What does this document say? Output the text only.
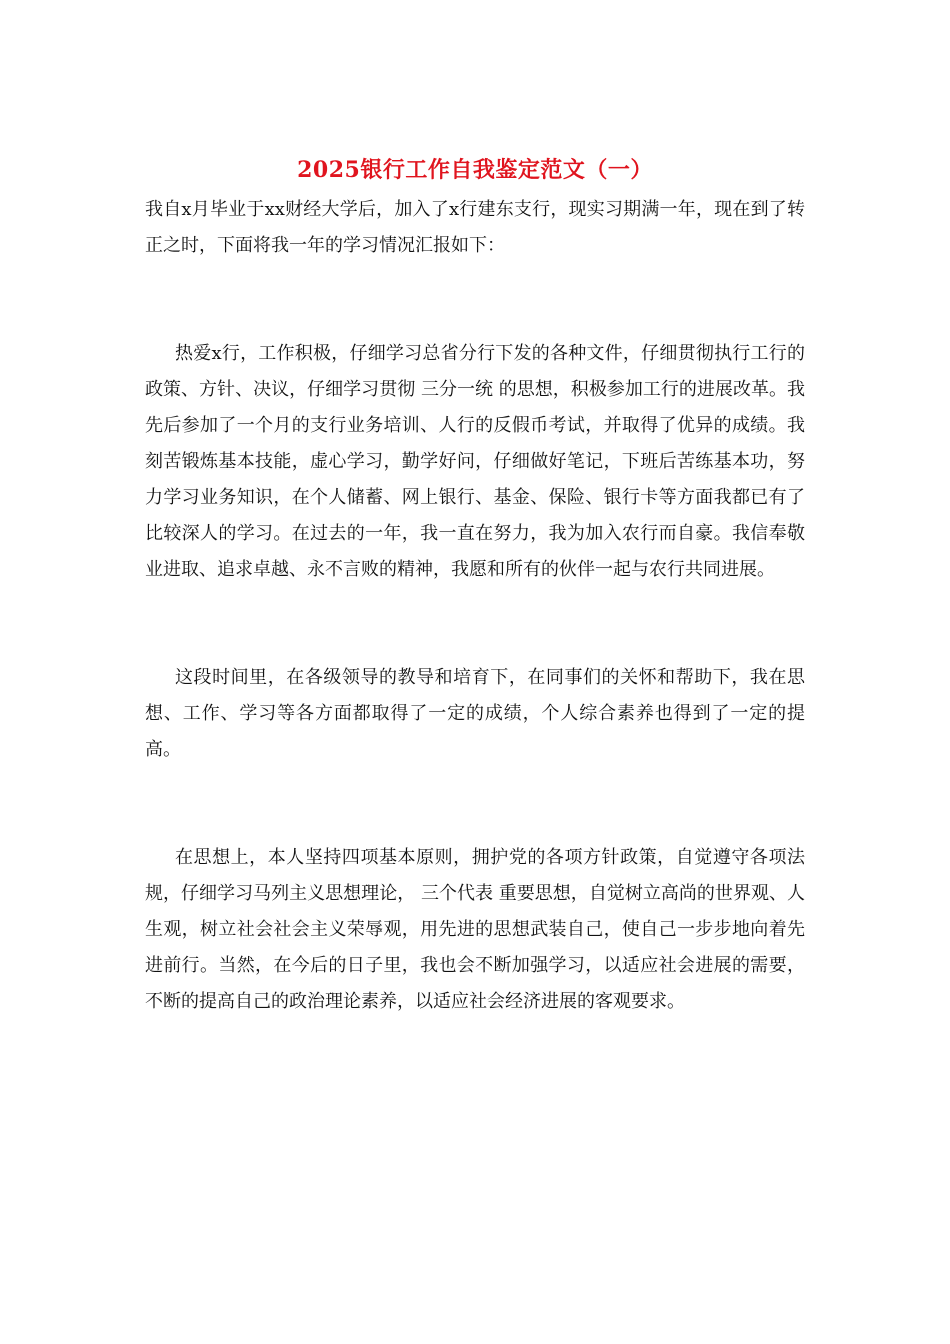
2025银行工作自我鉴定范文（一）

我自x月毕业于xx财经大学后，加入了x行建东支行，现实习期满一年，现在到了转正之时，下面将我一年的学习情况汇报如下：

热爱x行，工作积极，仔细学习总省分行下发的各种文件，仔细贯彻执行工行的政策、方针、决议，仔细学习贯彻 三分一统 的思想，积极参加工行的进展改革。我先后参加了一个月的支行业务培训、人行的反假币考试，并取得了优异的成绩。我刻苦锻炼基本技能，虚心学习，勤学好问，仔细做好笔记，下班后苦练基本功，努力学习业务知识，在个人储蓄、网上银行、基金、保险、银行卡等方面我都已有了比较深人的学习。在过去的一年，我一直在努力，我为加入农行而自豪。我信奉敬业进取、追求卓越、永不言败的精神，我愿和所有的伙伴一起与农行共同进展。

这段时间里，在各级领导的教导和培育下，在同事们的关怀和帮助下，我在思想、工作、学习等各方面都取得了一定的成绩，个人综合素养也得到了一定的提高。

在思想上，本人坚持四项基本原则，拥护党的各项方针政策，自觉遵守各项法规，仔细学习马列主义思想理论， 三个代表 重要思想，自觉树立高尚的世界观、人生观，树立社会社会主义荣辱观，用先进的思想武装自己，使自己一步步地向着先进前行。当然，在今后的日子里，我也会不断加强学习，以适应社会进展的需要，不断的提高自己的政治理论素养，以适应社会经济进展的客观要求。
